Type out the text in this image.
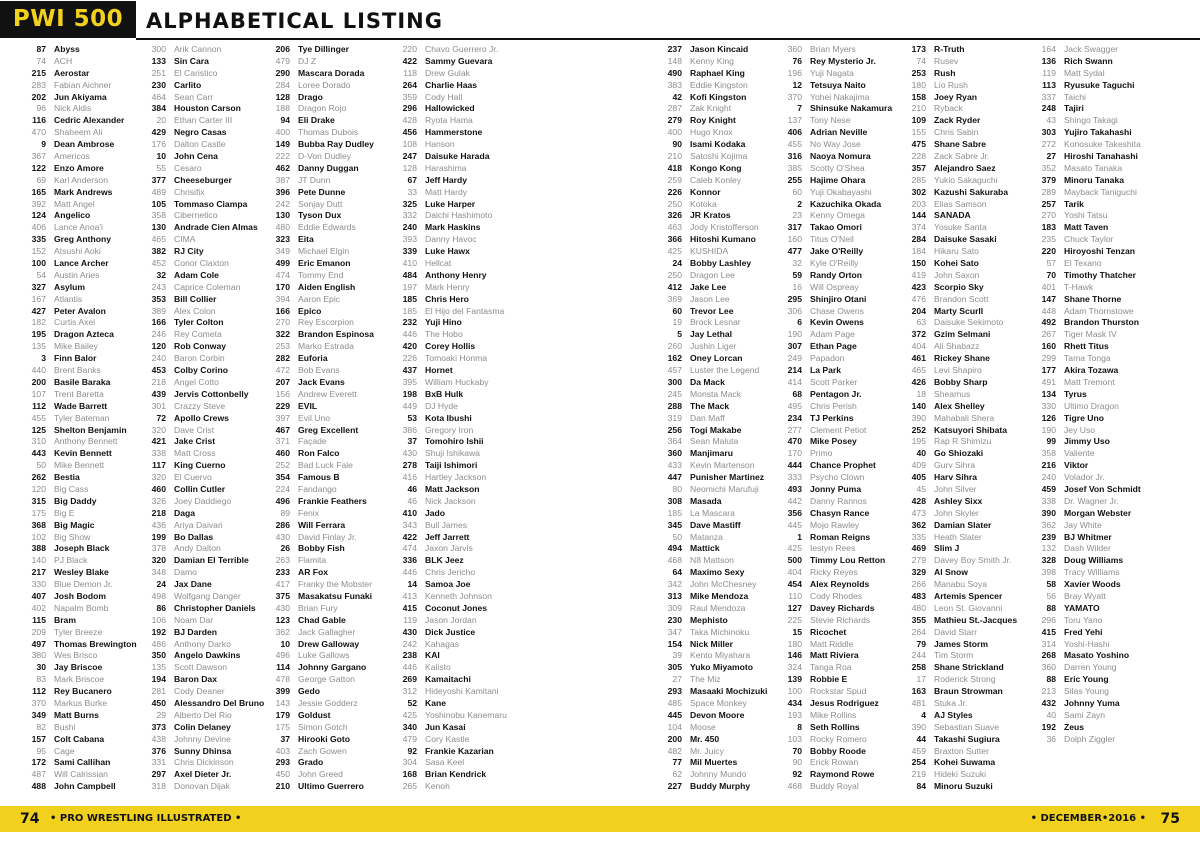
PWI 500	ALPHABETICAL LISTING
87 Abyss
74 ACH
215 Aerostar
283 Fabian Aichner
202 Jun Akiyama
96 Nick Aldis
116 Cedric Alexander
470 Shaheem Ali
9 Dean Ambrose
367 Americos
122 Enzo Amore
69 Karl Anderson
165 Mark Andrews
392 Matt Angel
124 Angelico
406 Lance Anoa'i
335 Greg Anthony
152 Atsushi Aoki
100 Lance Archer
54 Austin Aries
327 Asylum
167 Atlantis
427 Peter Avalon
182 Curtis Axel
195 Dragon Azteca
135 Mike Bailey
3 Finn Balor
440 Brent Banks
200 Basile Baraka
107 Trent Baretta
112 Wade Barrett
455 Tyler Bateman
125 Shelton Benjamin
310 Anthony Bennett
443 Kevin Bennett
50 Mike Bennett
262 Bestia
120 Big Cass
315 Big Daddy
175 Big E
368 Big Magic
102 Big Show
388 Joseph Black
140 PJ Black
217 Wesley Blake
330 Blue Demon Jr.
407 Josh Bodom
402 Napalm Bomb
115 Bram
209 Tyler Breeze
497 Thomas Brewington
380 Wes Brisco
30 Jay Briscoe
83 Mark Briscoe
112 Rey Bucanero
370 Markus Burke
349 Matt Burns
82 Bushi
157 Colt Cabana
95 Cage
172 Sami Callihan
487 Will Calrissian
488 John Campbell
300 Arik Cannon
133 Sin Cara
251 El Caristico
230 Carlito
464 Sean Carr
384 Houston Carson
20 Ethan Carter III
429 Negro Casas
176 Dalton Castle
10 John Cena
55 Cesaro
377 Cheeseburger
489 Chrisifix
105 Tommaso Ciampa
358 Cibernetico
130 Andrade Cien Almas
465 CIMA
382 RJ City
452 Conor Claxton
32 Adam Cole
243 Caprice Coleman
353 Bill Collier
389 Alex Colon
166 Tyler Colton
246 Rey Cometa
120 Rob Conway
240 Baron Corbin
453 Colby Corino
218 Angel Cotto
439 Jervis Cottonbelly
301 Crazzy Steve
72 Apollo Crews
320 Dave Crist
421 Jake Crist
338 Matt Cross
117 King Cuerno
320 El Cuervo
460 Collin Cutler
326 Joey Daddiego
218 Daga
436 Ariya Daivari
199 Bo Dallas
378 Andy Dalton
320 Damian El Terrible
348 Damo
24 Jax Dane
498 Wolfgang Danger
86 Christopher Daniels
106 Noam Dar
192 BJ Darden
486 Anthony Darko
350 Angelo Dawkins
135 Scott Dawson
194 Baron Dax
281 Cody Deaner
450 Alessandro Del Bruno
29 Alberto Del Rio
373 Colin Delaney
438 Johnny Devine
376 Sunny Dhinsa
331 Chris Dickinson
297 Axel Dieter Jr.
318 Donovan Dijak
206 Tye Dillinger
479 DJ Z
290 Mascara Dorada
284 Loree Dorado
128 Drago
188 Dragon Rojo
94 Eli Drake
400 Thomas Dubois
149 Bubba Ray Dudley
222 D-Von Dudley
462 Danny Duggan
387 JT Dunn
396 Pete Dunne
242 Sonjay Dutt
130 Tyson Dux
480 Eddie Edwards
323 Eita
349 Michael Elgin
499 Eric Emanon
474 Tommy End
170 Aiden English
394 Aaron Epic
166 Epico
270 Rey Escorpion
322 Brandon Espinosa
253 Marko Estrada
282 Euforia
472 Bob Evans
207 Jack Evans
156 Andrew Everett
229 EVIL
397 Evil Uno
467 Greg Excellent
371 Façade
460 Ron Falco
252 Bad Luck Fale
354 Famous B
224 Fandango
496 Frankie Feathers
89 Fenix
286 Will Ferrara
430 David Finlay Jr.
26 Bobby Fish
263 Flamita
233 AR Fox
417 Franky the Mobster
375 Masakatsu Funaki
430 Brian Fury
123 Chad Gable
362 Jack Gallagher
10 Drew Galloway
496 Luke Gallows
114 Johnny Gargano
478 George Gatton
399 Gedo
143 Jessie Godderz
179 Goldust
175 Simon Gotch
37 Hirooki Goto
403 Zach Gowen
293 Grado
450 John Greed
210 Ultimo Guerrero
220 Chavo Guerrero Jr.
422 Sammy Guevara
118 Drew Gulak
264 Charlie Haas
359 Cody Hall
296 Hallowicked
428 Ryota Hama
456 Hammerstone
108 Hanson
247 Daisuke Harada
128 Harashima
67 Jeff Hardy
33 Matt Hardy
325 Luke Harper
332 Daichi Hashimoto
240 Mark Haskins
393 Danny Havoc
339 Luke Hawx
410 Hellcat
484 Anthony Henry
197 Mark Henry
185 Chris Hero
185 El Hijo del Fantasma
232 Yuji Hino
446 The Hobo
420 Corey Hollis
226 Tomoaki Honma
437 Hornet
395 William Huckaby
198 BxB Hulk
449 DJ Hyde
53 Kota Ibushi
386 Gregory Iron
37 Tomohiro Ishii
430 Shuji Ishikawa
278 Taiji Ishimori
416 Hartley Jackson
46 Matt Jackson
46 Nick Jackson
410 Jado
343 Bull James
422 Jeff Jarrett
474 Jaxon Jarvis
336 BLK Jeez
446 Chris Jericho
14 Samoa Joe
413 Kenneth Johnson
415 Coconut Jones
119 Jason Jordan
430 Dick Justice
242 Kahagas
238 KAI
446 Kalisto
269 Kamaitachi
312 Hideyoshi Kamitani
52 Kane
425 Yoshinobu Kanemaru
340 Jun Kasai
479 Cory Kastle
92 Frankie Kazarian
304 Sasa Keel
168 Brian Kendrick
265 Kenoh
237 Jason Kincaid
148 Kenny King
490 Raphael King
383 Eddie Kingston
42 Kofi Kingston
287 Zak Knight
279 Roy Knight
400 Hugo Knox
90 Isami Kodaka
210 Satoshi Kojima
418 Kongo Kong
259 Caleb Konley
226 Konnor
250 Kotoka
326 JR Kratos
463 Jody Kristofferson
366 Hitoshi Kumano
425 KUSHIDA
24 Bobby Lashley
250 Dragon Lee
412 Jake Lee
369 Jason Lee
60 Trevor Lee
19 Brock Lesnar
5 Jay Lethal
260 Jushin Liger
162 Oney Lorcan
457 Luster the Legend
300 Da Mack
245 Monsta Mack
288 The Mack
319 Dan Maff
256 Togi Makabe
364 Sean Maluta
360 Manjimaru
433 Kevin Martenson
447 Punisher Martinez
80 Neomichi Marufuji
308 Masada
185 La Mascara
345 Dave Mastiff
50 Matanza
494 Mattick
468 N8 Mattson
64 Maximo Sexy
342 John McChesney
313 Mike Mendoza
309 Raul Mendoza
230 Mephisto
347 Taka Michinoku
154 Nick Miller
39 Kento Miyahara
305 Yuko Miyamoto
27 The Miz
293 Masaaki Mochizuki
485 Space Monkey
445 Devon Moore
104 Moose
200 Mr. 450
482 Mr. Juicy
77 Mil Muertes
62 Johnny Mundo
227 Buddy Murphy
360 Brian Myers
76 Rey Mysterio Jr.
196 Yuji Nagata
12 Tetsuya Naito
370 Yohei Nakajima
7 Shinsuke Nakamura
137 Tony Nese
406 Adrian Neville
455 No Way Jose
316 Naoya Nomura
385 Scotty O'Shea
255 Hajime Ohara
60 Yuji Okabayashi
2 Kazuchika Okada
23 Kenny Omega
317 Takao Omori
160 Titus O'Neil
477 Jake O'Reilly
32 Kyle O'Reilly
59 Randy Orton
16 Will Ospreay
295 Shinjiro Otani
306 Chase Owens
6 Kevin Owens
190 Adam Page
307 Ethan Page
249 Papadon
214 La Park
414 Scott Parker
68 Pentagon Jr.
495 Chris Perish
234 TJ Perkins
277 Clement Petiot
470 Mike Posey
170 Primo
444 Chance Prophet
333 Psycho Clown
493 Jonny Puma
442 Danny Rannos
356 Chasyn Rance
445 Mojo Rawley
1 Roman Reigns
425 Iestyn Rees
500 Timmy Lou Retton
404 Ricky Reyes
454 Alex Reynolds
110 Cody Rhodes
127 Davey Richards
225 Stevie Richards
15 Ricochet
180 Matt Riddle
146 Matt Riviera
324 Tanga Roa
139 Robbie E
100 Rockstar Spud
434 Jesus Rodriguez
193 Mike Rollins
8 Seth Rollins
103 Rocky Romero
70 Bobby Roode
90 Erick Rowan
92 Raymond Rowe
468 Buddy Royal
173 R-Truth
74 Rusev
253 Rush
180 Lio Rush
158 Joey Ryan
210 Ryback
109 Zack Ryder
155 Chris Sabin
475 Shane Sabre
228 Zack Sabre Jr.
357 Alejandro Saez
285 Yukio Sakaguchi
302 Kazushi Sakuraba
203 Elias Samson
144 SANADA
374 Yosuke Santa
284 Daisuke Sasaki
184 Hikaru Sato
150 Kohei Sato
419 John Saxon
423 Scorpio Sky
476 Brandon Scott
204 Marty Scurll
63 Daisuke Sekimoto
372 Gzim Selmani
404 Ali Shabazz
461 Rickey Shane
465 Levi Shapiro
426 Bobby Sharp
18 Sheamus
140 Alex Shelley
390 Mahabali Shera
252 Katsuyori Shibata
195 Rap R Shimizu
40 Go Shiozaki
409 Gurv Sihra
405 Harv Sihra
45 John Silver
428 Ashley Sixx
473 John Skyler
362 Damian Slater
335 Heath Slater
469 Slim J
279 Davey Boy Smith Jr.
329 Al Snow
266 Manabu Soya
483 Artemis Spencer
480 Leon St. Giovanni
355 Mathieu St.-Jacques
264 David Starr
79 James Storm
244 Tim Storm
258 Shane Strickland
17 Roderick Strong
163 Braun Strowman
481 Stuka Jr.
4 AJ Styles
390 Sebastian Suave
44 Takashi Sugiura
459 Braxton Sutter
254 Kohei Suwama
219 Hideki Suzuki
84 Minoru Suzuki
164 Jack Swagger
136 Rich Swann
119 Matt Sydal
113 Ryusuke Taguchi
337 Taichi
248 Tajiri
43 Shingo Takagi
303 Yujiro Takahashi
272 Konosuke Takeshita
27 Hiroshi Tanahashi
352 Masato Tanaka
379 Minoru Tanaka
289 Mayback Taniguchi
257 Tarik
270 Yoshi Tatsu
183 Matt Taven
235 Chuck Taylor
220 Hiroyoshi Tenzan
57 El Texano
70 Timothy Thatcher
401 T-Hawk
147 Shane Thorne
448 Adam Thornstowe
492 Brandon Thurston
267 Tiger Mask IV
160 Rhett Titus
299 Tama Tonga
177 Akira Tozawa
491 Matt Tremont
134 Tyrus
330 Ultimo Dragon
126 Tigre Uno
190 Jey Uso
99 Jimmy Uso
358 Valiente
216 Viktor
240 Volador Jr.
459 Josef Von Schmidt
338 Dr. Wagner Jr.
390 Morgan Webster
362 Jay White
239 BJ Whitmer
132 Dash Wilder
328 Doug Williams
398 Tracy Williams
58 Xavier Woods
56 Bray Wyatt
88 YAMATO
296 Toru Yano
415 Fred Yehi
314 Yoshi-Hashi
268 Masato Yoshino
360 Darren Young
88 Eric Young
213 Silas Young
432 Johnny Yuma
40 Sami Zayn
192 Zeus
36 Dolph Ziggler
74 • PRO WRESTLING ILLUSTRATED •	• DECEMBER•2016 • 75
